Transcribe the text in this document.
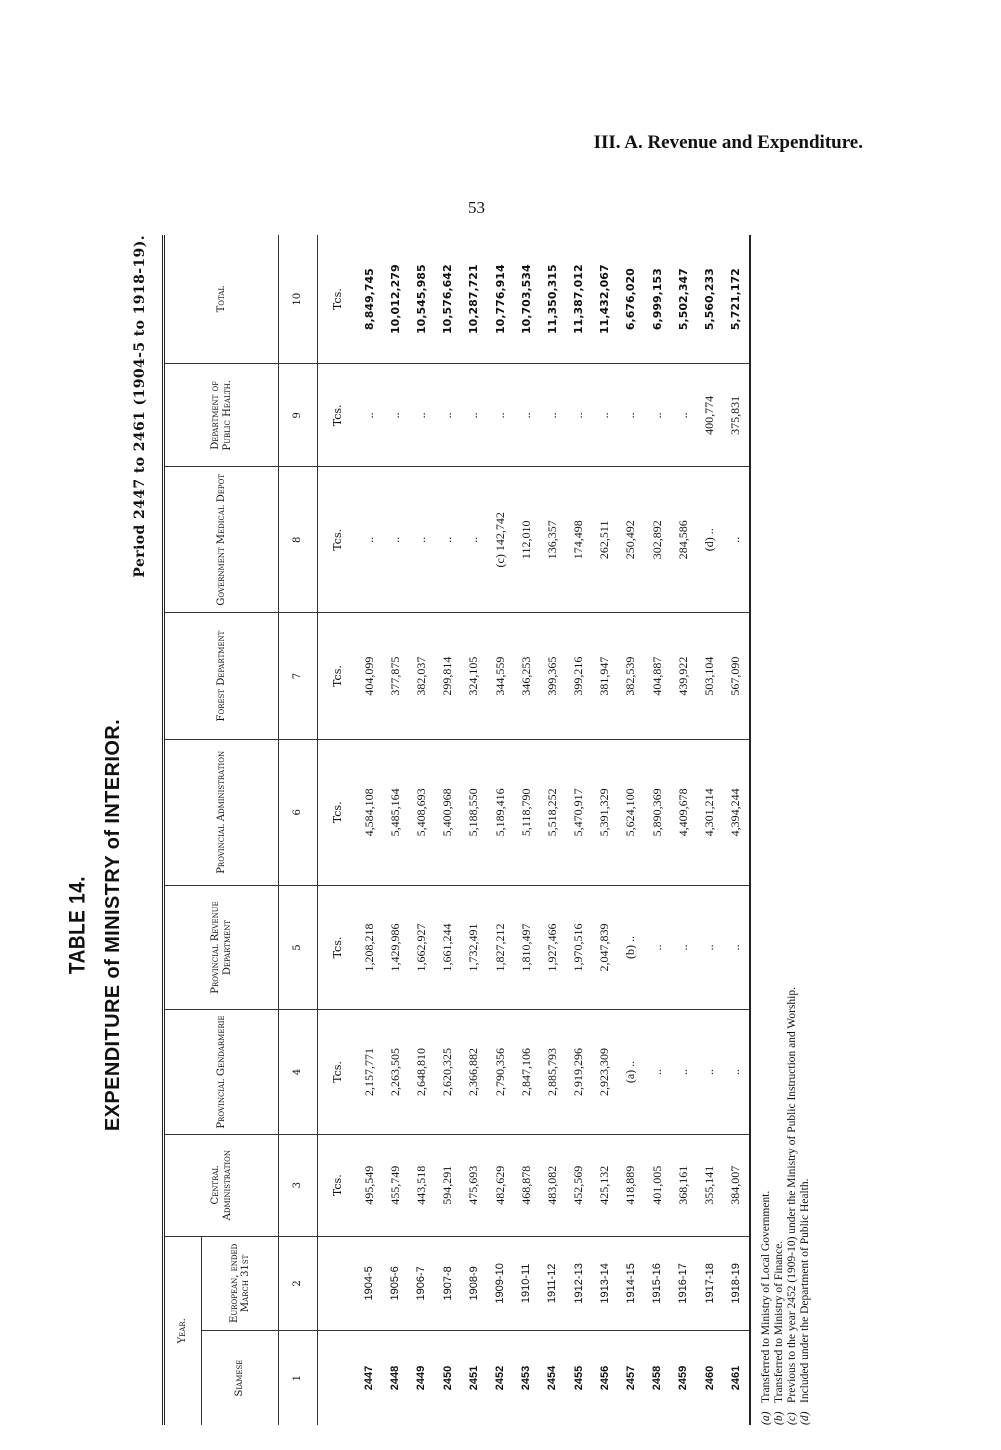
III. A. Revenue and Expenditure.
53
TABLE 14. EXPENDITURE of MINISTRY of INTERIOR.
Period 2447 to 2461 (1904-5 to 1918-19).
Year.		Central Administration	Provincial Gendarmerie	Provincial Revenue Department	Provincial Administration	Forest Department	Government Medical Depot	Department of Public Health.	Total
Siamese	European, ended March 31st								
1	2	3	4	5	6	7	8	9	10
		Tcs.	Tcs.	Tcs.	Tcs.	Tcs.	Tcs.	Tcs.	Tcs.
2447	1904-5	495,549	2,157,771	1,208,218	4,584,108	404,099	..	..	8,849,745
2448	1905-6	455,749	2,263,505	1,429,986	5,485,164	377,875	..	..	10,012,279
2449	1906-7	443,518	2,648,810	1,662,927	5,408,693	382,037	..	..	10,545,985
2450	1907-8	594,291	2,620,325	1,661,244	5,400,968	299,814	..	..	10,576,642
2451	1908-9	475,693	2,366,882	1,732,491	5,188,550	324,105	..	..	10,287,721
2452	1909-10	482,629	2,790,356	1,827,212	5,189,416	344,559	(c) 142,742	..	10,776,914
2453	1910-11	468,878	2,847,106	1,810,497	5,118,790	346,253	112,010	..	10,703,534
2454	1911-12	483,082	2,885,793	1,927,466	5,518,252	399,365	136,357	..	11,350,315
2455	1912-13	452,569	2,919,296	1,970,516	5,470,917	399,216	174,498	..	11,387,012
2456	1913-14	425,132	2,923,309	2,047,839	5,391,329	381,947	262,511	..	11,432,067
2457	1914-15	418,889	(a) ..	(b) ..	5,624,100	382,539	250,492	..	6,676,020
2458	1915-16	401,005	..	..	5,890,369	404,887	302,892	..	6,999,153
2459	1916-17	368,161	..	..	4,409,678	439,922	284,586	..	5,502,347
2460	1917-18	355,141	..	..	4,301,214	503,104	(d) ..	400,774	5,560,233
2461	1918-19	384,007	..	..	4,394,244	567,090	..	375,831	5,721,172
(a)Transferred to Ministry of Local Government.
(b)Transferred to Ministry of Finance.
(c)Previous to the year 2452 (1909-10) under the Ministry of Public Instruction and Worship.
(d)Included under the Department of Public Health.
